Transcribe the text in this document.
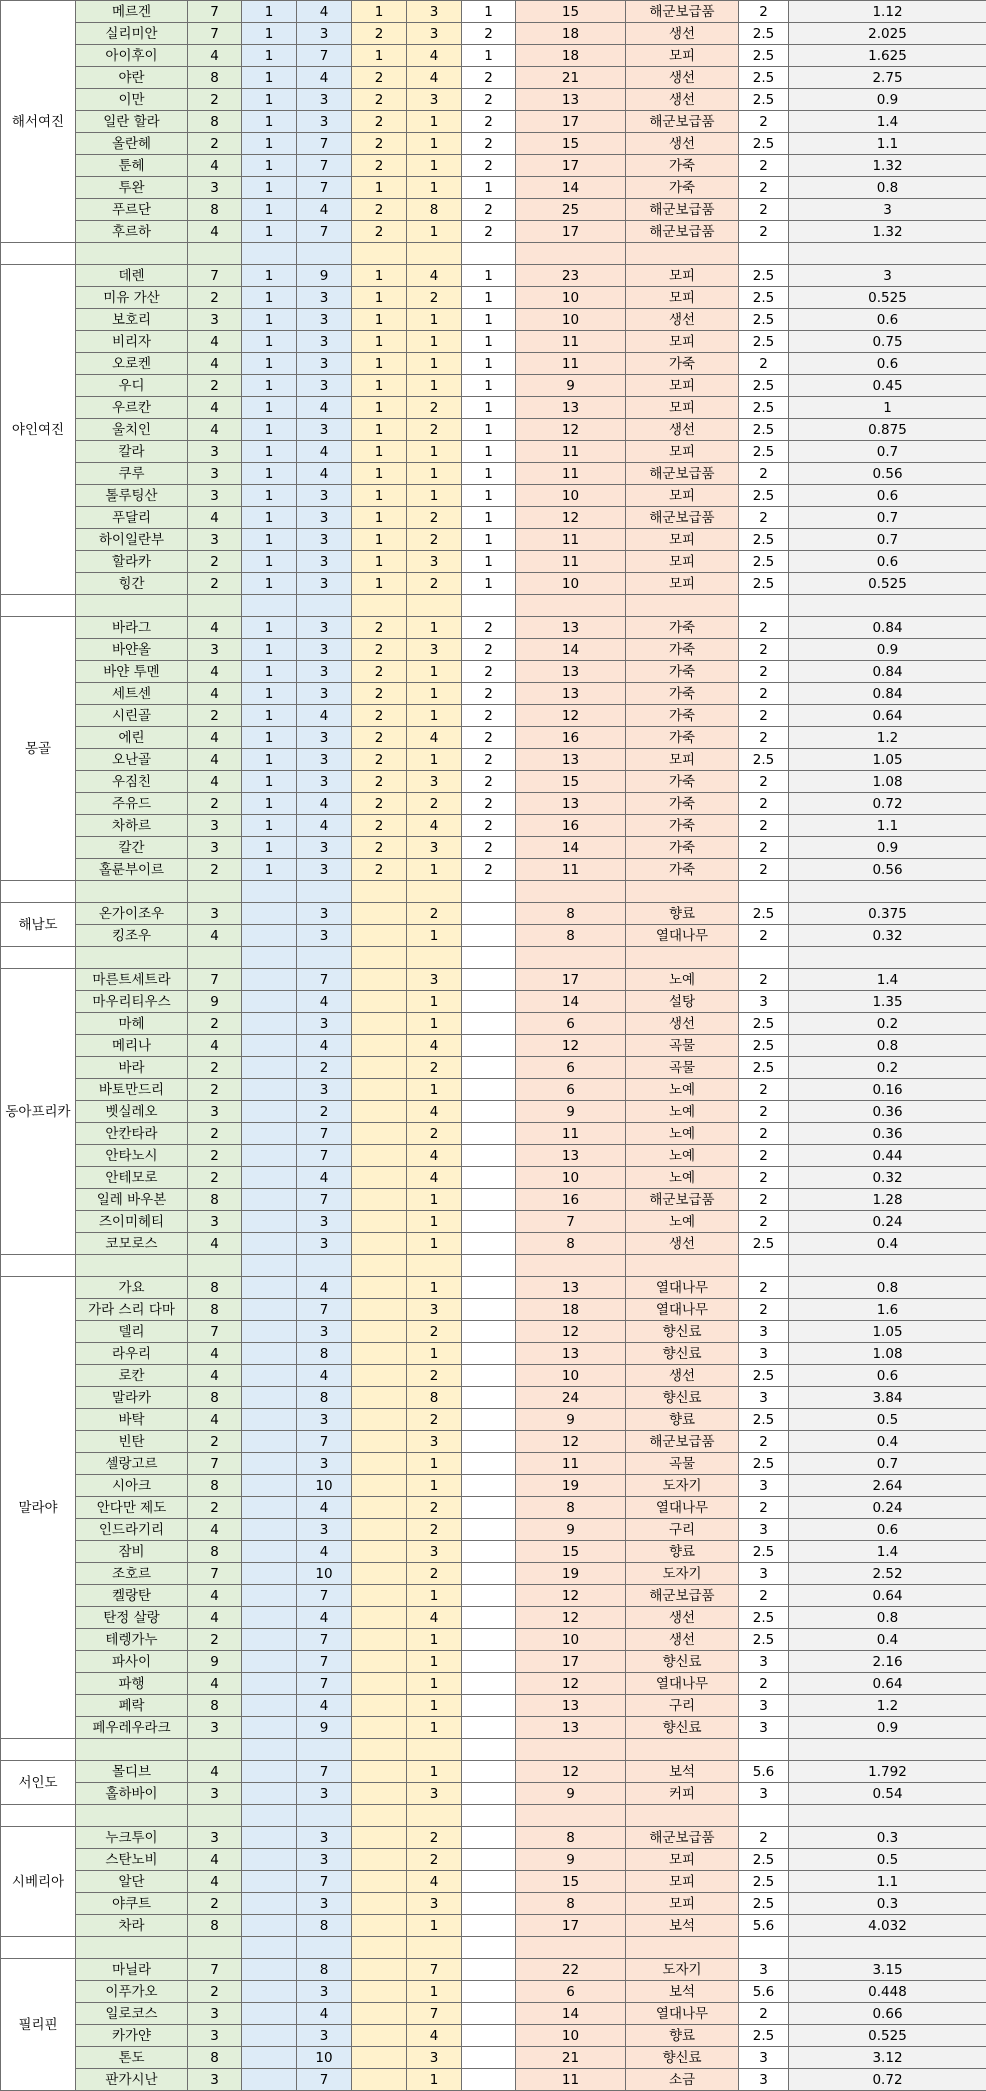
해서여진	메르겐	7	1	4	1	3	1	15	해군보급품	2	1.12
	실리미안	7	1	3	2	3	2	18	생선	2.5	2.025
	아이후이	4	1	7	1	4	1	18	모피	2.5	1.625
	야란	8	1	4	2	4	2	21	생선	2.5	2.75
	이만	2	1	3	2	3	2	13	생선	2.5	0.9
	일란 할라	8	1	3	2	1	2	17	해군보급품	2	1.4
	올란헤	2	1	7	2	1	2	15	생선	2.5	1.1
	툰헤	4	1	7	2	1	2	17	가죽	2	1.32
	투완	3	1	7	1	1	1	14	가죽	2	0.8
	푸르단	8	1	4	2	8	2	25	해군보급품	2	3
	후르하	4	1	7	2	1	2	17	해군보급품	2	1.32

야인여진	데렌	7	1	9	1	4	1	23	모피	2.5	3
	미유 가산	2	1	3	1	2	1	10	모피	2.5	0.525
	보호리	3	1	3	1	1	1	10	생선	2.5	0.6
	비리자	4	1	3	1	1	1	11	모피	2.5	0.75
	오로켄	4	1	3	1	1	1	11	가죽	2	0.6
	우디	2	1	3	1	1	1	9	모피	2.5	0.45
	우르칸	4	1	4	1	2	1	13	모피	2.5	1
	울치인	4	1	3	1	2	1	12	생선	2.5	0.875
	칼라	3	1	4	1	1	1	11	모피	2.5	0.7
	쿠루	3	1	4	1	1	1	11	해군보급품	2	0.56
	톨루팅산	3	1	3	1	1	1	10	모피	2.5	0.6
	푸달리	4	1	3	1	2	1	12	해군보급품	2	0.7
	하이일란부	3	1	3	1	2	1	11	모피	2.5	0.7
	할라카	2	1	3	1	3	1	11	모피	2.5	0.6
	힝간	2	1	3	1	2	1	10	모피	2.5	0.525

몽골	바라그	4	1	3	2	1	2	13	가죽	2	0.84
	바얀올	3	1	3	2	3	2	14	가죽	2	0.9
	바얀 투멘	4	1	3	2	1	2	13	가죽	2	0.84
	세트센	4	1	3	2	1	2	13	가죽	2	0.84
	시린골	2	1	4	2	1	2	12	가죽	2	0.64
	에린	4	1	3	2	4	2	16	가죽	2	1.2
	오난골	4	1	3	2	1	2	13	모피	2.5	1.05
	우짐친	4	1	3	2	3	2	15	가죽	2	1.08
	주유드	2	1	4	2	2	2	13	가죽	2	0.72
	차하르	3	1	4	2	4	2	16	가죽	2	1.1
	칼간	3	1	3	2	3	2	14	가죽	2	0.9
	홀룬부이르	2	1	3	2	1	2	11	가죽	2	0.56

해남도	온가이조우	3		3		2		8	향료	2.5	0.375
	킹조우	4		3		1		8	열대나무	2	0.32

동아프리카	마른트세트라	7		7		3		17	노예	2	1.4
	마우리티우스	9		4		1		14	설탕	3	1.35
	마헤	2		3		1		6	생선	2.5	0.2
	메리나	4		4		4		12	곡물	2.5	0.8
	바라	2		2		2		6	곡물	2.5	0.2
	바토만드리	2		3		1		6	노예	2	0.16
	벳실레오	3		2		4		9	노예	2	0.36
	안칸타라	2		7		2		11	노예	2	0.36
	안타노시	2		7		4		13	노예	2	0.44
	안테모로	2		4		4		10	노예	2	0.32
	일레 바우본	8		7		1		16	해군보급품	2	1.28
	즈이미헤티	3		3		1		7	노예	2	0.24
	코모로스	4		3		1		8	생선	2.5	0.4

말라야	가요	8		4		1		13	열대나무	2	0.8
	가라 스리 다마	8		7		3		18	열대나무	2	1.6
	델리	7		3		2		12	향신료	3	1.05
	라우리	4		8		1		13	향신료	3	1.08
	로칸	4		4		2		10	생선	2.5	0.6
	말라카	8		8		8		24	향신료	3	3.84
	바탁	4		3		2		9	향료	2.5	0.5
	빈탄	2		7		3		12	해군보급품	2	0.4
	셀랑고르	7		3		1		11	곡물	2.5	0.7
	시아크	8		10		1		19	도자기	3	2.64
	안다만 제도	2		4		2		8	열대나무	2	0.24
	인드라기리	4		3		2		9	구리	3	0.6
	잠비	8		4		3		15	향료	2.5	1.4
	조호르	7		10		2		19	도자기	3	2.52
	켈랑탄	4		7		1		12	해군보급품	2	0.64
	탄정 살랑	4		4		4		12	생선	2.5	0.8
	테렝가누	2		7		1		10	생선	2.5	0.4
	파사이	9		7		1		17	향신료	3	2.16
	파행	4		7		1		12	열대나무	2	0.64
	페락	8		4		1		13	구리	3	1.2
	페우레우라크	3		9		1		13	향신료	3	0.9

서인도	몰디브	4		7		1		12	보석	5.6	1.792
	홀하바이	3		3		3		9	커피	3	0.54

시베리아	누크투이	3		3		2		8	해군보급품	2	0.3
	스탄노비	4		3		2		9	모피	2.5	0.5
	알단	4		7		4		15	모피	2.5	1.1
	야쿠트	2		3		3		8	모피	2.5	0.3
	차라	8		8		1		17	보석	5.6	4.032

필리핀	마닐라	7		8		7		22	도자기	3	3.15
	이푸가오	2		3		1		6	보석	5.6	0.448
	일로코스	3		4		7		14	열대나무	2	0.66
	카가얀	3		3		4		10	향료	2.5	0.525
	톤도	8		10		3		21	향신료	3	3.12
	판가시난	3		7		1		11	소금	3	0.72
